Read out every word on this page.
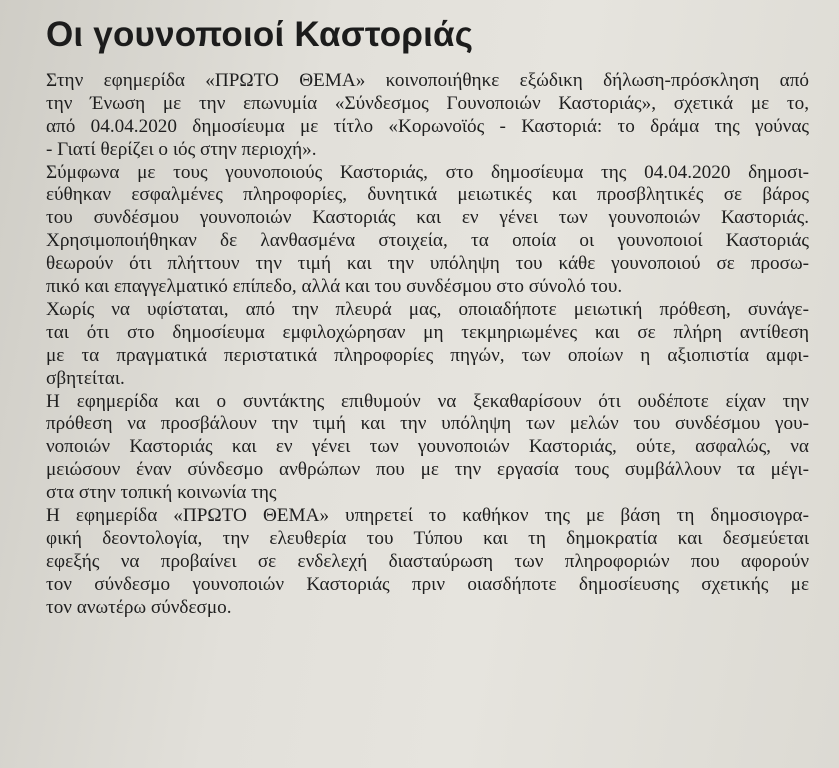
Οι γουνοποιοί Καστοριάς
Στην εφημερίδα «ΠΡΩΤΟ ΘΕΜΑ» κοινοποιήθηκε εξώδικη δήλωση-πρόσκληση από
την Ένωση με την επωνυμία «Σύνδεσμος Γουνοποιών Καστοριάς», σχετικά με το,
από 04.04.2020 δημοσίευμα με τίτλο «Κορωνοϊός - Καστοριά: το δράμα της γούνας
- Γιατί θερίζει ο ιός στην περιοχή».
Σύμφωνα με τους γουνοποιούς Καστοριάς, στο δημοσίευμα της 04.04.2020 δημοσι-
εύθηκαν εσφαλμένες πληροφορίες, δυνητικά μειωτικές και προσβλητικές σε βάρος
του συνδέσμου γουνοποιών Καστοριάς και εν γένει των γουνοποιών Καστοριάς.
Χρησιμοποιήθηκαν δε λανθασμένα στοιχεία, τα οποία οι γουνοποιοί Καστοριάς
θεωρούν ότι πλήττουν την τιμή και την υπόληψη του κάθε γουνοποιού σε προσω-
πικό και επαγγελματικό επίπεδο, αλλά και του συνδέσμου στο σύνολό του.
Χωρίς να υφίσταται, από την πλευρά μας, οποιαδήποτε μειωτική πρόθεση, συνάγε-
ται ότι στο δημοσίευμα εμφιλοχώρησαν μη τεκμηριωμένες και σε πλήρη αντίθεση
με τα πραγματικά περιστατικά πληροφορίες πηγών, των οποίων η αξιοπιστία αμφι-
σβητείται.
Η εφημερίδα και ο συντάκτης επιθυμούν να ξεκαθαρίσουν ότι ουδέποτε είχαν την
πρόθεση να προσβάλουν την τιμή και την υπόληψη των μελών του συνδέσμου γου-
νοποιών Καστοριάς και εν γένει των γουνοποιών Καστοριάς, ούτε, ασφαλώς, να
μειώσουν έναν σύνδεσμο ανθρώπων που με την εργασία τους συμβάλλουν τα μέγι-
στα στην τοπική κοινωνία της
Η εφημερίδα «ΠΡΩΤΟ ΘΕΜΑ» υπηρετεί το καθήκον της με βάση τη δημοσιογρα-
φική δεοντολογία, την ελευθερία του Τύπου και τη δημοκρατία και δεσμεύεται
εφεξής να προβαίνει σε ενδελεχή διασταύρωση των πληροφοριών που αφορούν
τον σύνδεσμο γουνοποιών Καστοριάς πριν οιασδήποτε δημοσίευσης σχετικής με
τον ανωτέρω σύνδεσμο.
